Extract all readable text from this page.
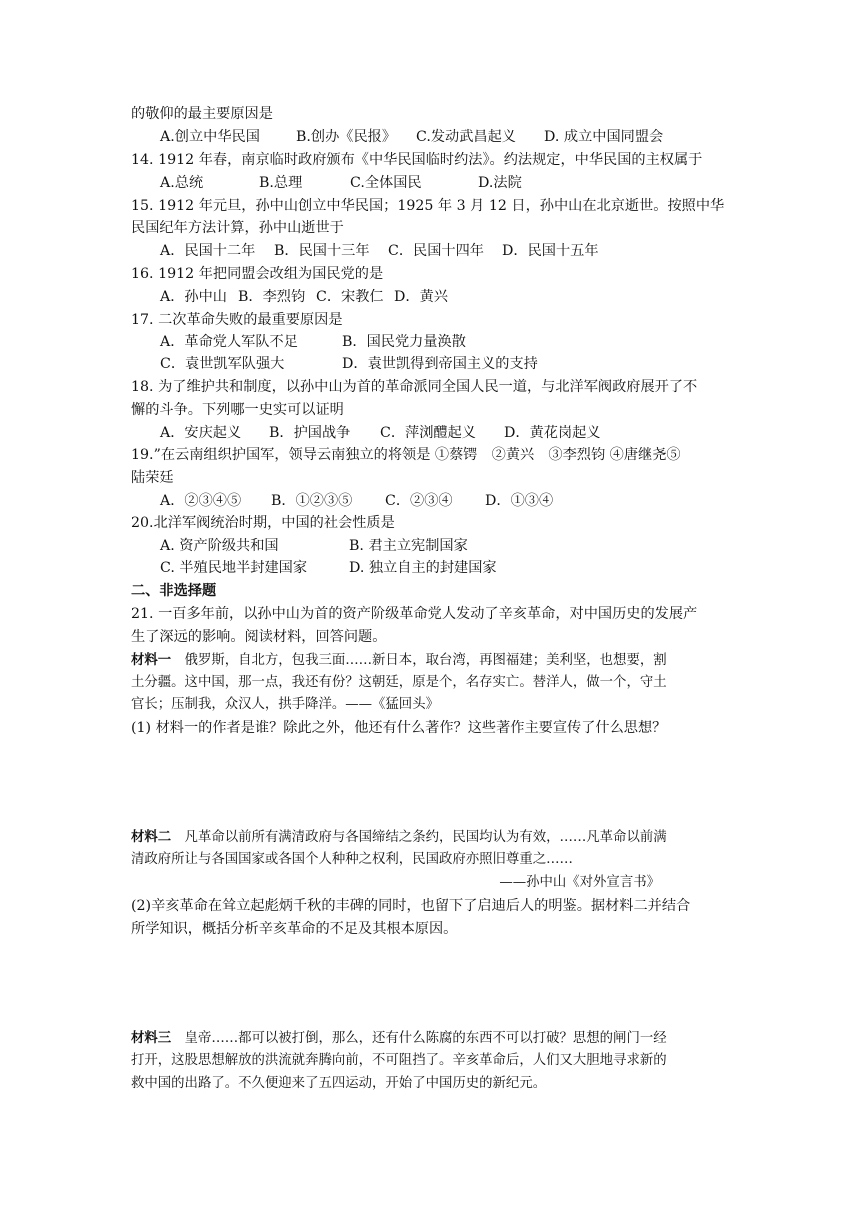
的敬仰的最主要原因是
A.创立中华民国	B.创办《民报》 C.发动武昌起义 D. 成立中国同盟会
14. 1912 年春，南京临时政府颁布《中华民国临时约法》。约法规定，中华民国的主权属于
A.总统	B.总理	C.全体国民	D.法院
15. 1912 年元旦，孙中山创立中华民国；1925 年 3 月 12 日，孙中山在北京逝世。按照中华
民国纪年方法计算，孙中山逝世于
A．民国十二年 B．民国十三年 C．民国十四年 D．民国十五年
16. 1912 年把同盟会改组为国民党的是
A．孙中山 B．李烈钧 C．宋教仁 D．黄兴
17. 二次革命失败的最重要原因是
A．革命党人军队不足	B．国民党力量涣散
C．袁世凯军队强大	D．袁世凯得到帝国主义的支持
18. 为了维护共和制度，以孙中山为首的革命派同全国人民一道，与北洋军阀政府展开了不
懈的斗争。下列哪一史实可以证明
A．安庆起义 B．护国战争 C．萍浏醴起义 D．黄花岗起义
19.”在云南组织护国军，领导云南独立的将领是 ①蔡锷　②黄兴　③李烈钧 ④唐继尧⑤
陆荣廷
A．②③④⑤ B．①②③⑤ C．②③④ D．①③④
20.北洋军阀统治时期，中国的社会性质是
A. 资产阶级共和国	B. 君主立宪制国家
C. 半殖民地半封建国家	D. 独立自主的封建国家
二、非选择题
21. 一百多年前，以孙中山为首的资产阶级革命党人发动了辛亥革命，对中国历史的发展产
生了深远的影响。阅读材料，回答问题。
材料一　俄罗斯，自北方，包我三面……新日本，取台湾，再图福建；美利坚，也想要，割
土分疆。这中国，那一点，我还有份？这朝廷，原是个，名存实亡。替洋人，做一个，守土
官长；压制我，众汉人，拱手降洋。——《猛回头》
(1) 材料一的作者是谁？除此之外，他还有什么著作？这些著作主要宣传了什么思想？
材料二　凡革命以前所有满清政府与各国缔结之条约，民国均认为有效，……凡革命以前满
清政府所让与各国国家或各国个人种种之权利，民国政府亦照旧尊重之……
——孙中山《对外宣言书》
(2)辛亥革命在耸立起彪炳千秋的丰碑的同时，也留下了启迪后人的明鉴。据材料二并结合
所学知识，概括分析辛亥革命的不足及其根本原因。
材料三　皇帝……都可以被打倒，那么，还有什么陈腐的东西不可以打破？思想的闸门一经
打开，这股思想解放的洪流就奔腾向前，不可阻挡了。辛亥革命后，人们又大胆地寻求新的
救中国的出路了。不久便迎来了五四运动，开始了中国历史的新纪元。
